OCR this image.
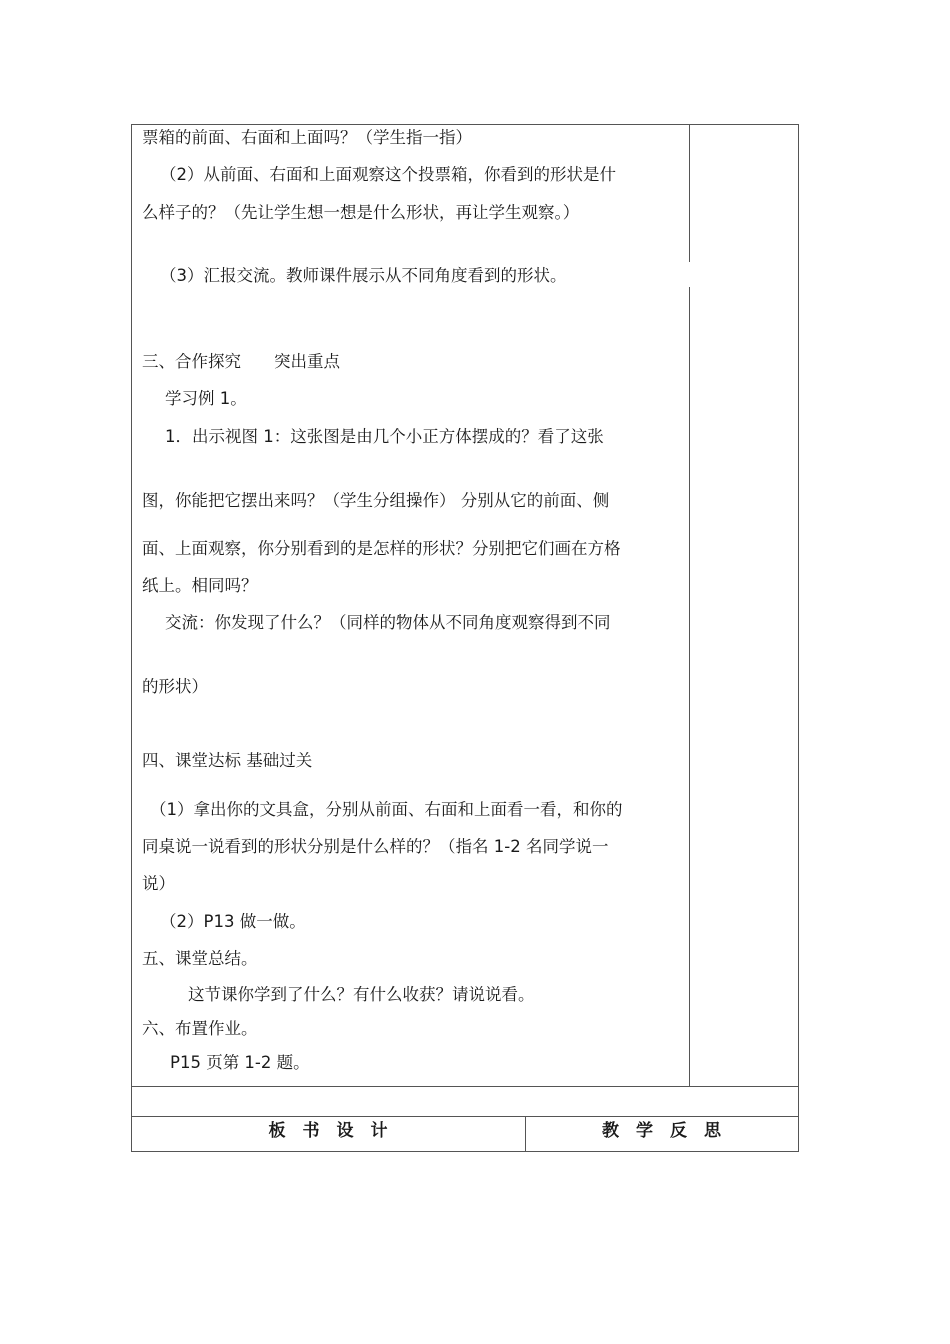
票箱的前面、右面和上面吗？（学生指一指）
（2）从前面、右面和上面观察这个投票箱，你看到的形状是什
么样子的？（先让学生想一想是什么形状，再让学生观察。）
（3）汇报交流。教师课件展示从不同角度看到的形状。
三、合作探究　　突出重点
学习例 1。
1．出示视图 1：这张图是由几个小正方体摆成的？看了这张
图，你能把它摆出来吗？（学生分组操作） 分别从它的前面、侧
面、上面观察，你分别看到的是怎样的形状？分别把它们画在方格
纸上。相同吗？
交流：你发现了什么？（同样的物体从不同角度观察得到不同
的形状）
四、课堂达标 基础过关
（1）拿出你的文具盒，分别从前面、右面和上面看一看，和你的
同桌说一说看到的形状分别是什么样的？（指名 1-2 名同学说一
说）
（2）P13 做一做。
五、课堂总结。
这节课你学到了什么？有什么收获？请说说看。
六、布置作业。
P15 页第 1-2 题。
板　书　设　计	教　学　反　思
